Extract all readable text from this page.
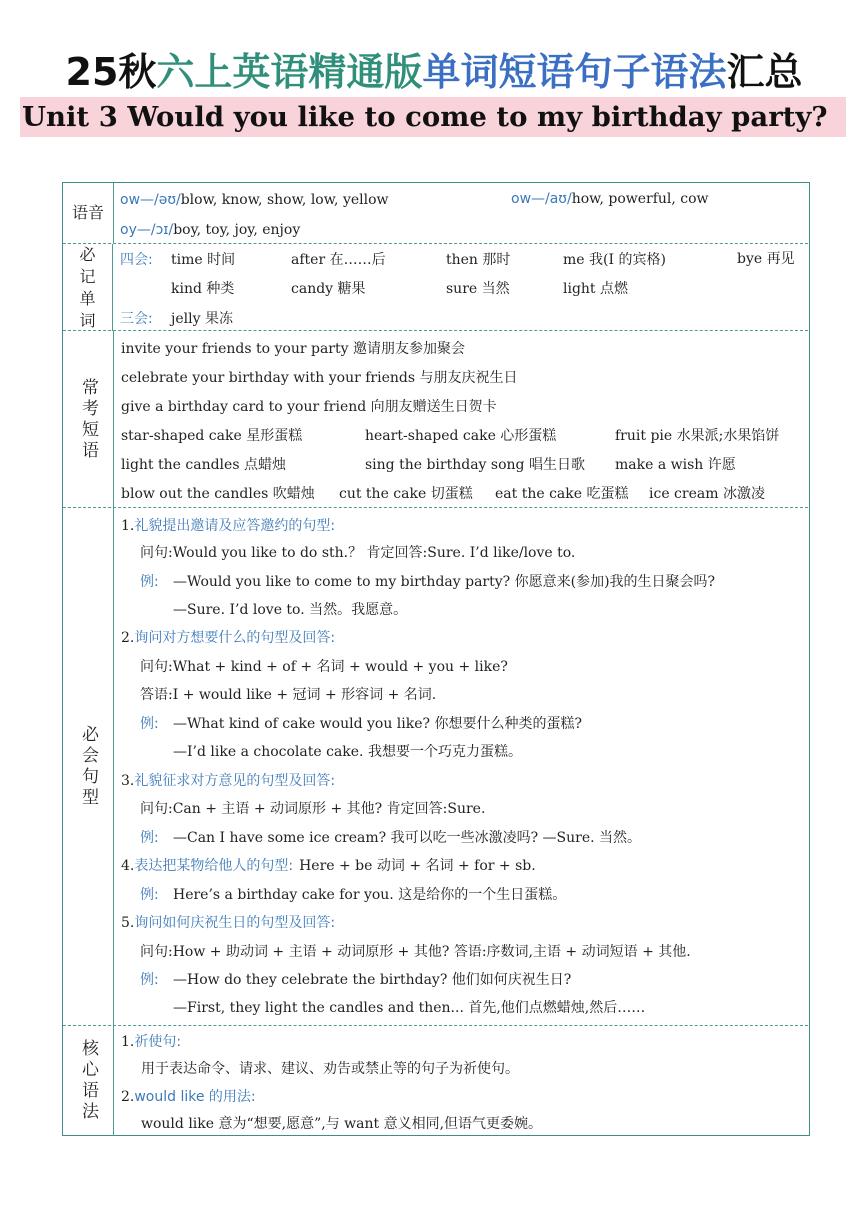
25秋六上英语精通版单词短语句子语法汇总
Unit 3 Would you like to come to my birthday party?
语音
ow—/əʊ/blow, know, show, low, yellow	ow—/aʊ/how, powerful, cow
oy—/ɔɪ/boy, toy, joy, enjoy
必记单词
四会: time 时间	after 在……后	then 那时	me 我(I 的宾格)	bye 再见
kind 种类	candy 糖果	sure 当然	light 点燃
三会: jelly 果冻
常考短语
invite your friends to your party 邀请朋友参加聚会
celebrate your birthday with your friends 与朋友庆祝生日
give a birthday card to your friend 向朋友赠送生日贺卡
star-shaped cake 星形蛋糕	heart-shaped cake 心形蛋糕	fruit pie 水果派;水果馅饼
light the candles 点蜡烛	sing the birthday song 唱生日歌 make a wish 许愿
blow out the candles 吹蜡烛 cut the cake 切蛋糕 eat the cake 吃蛋糕 ice cream 冰激凌
必会句型
1.礼貌提出邀请及应答邀约的句型:
问句:Would you like to do sth.？ 肯定回答:Sure. I’d like/love to.
例: —Would you like to come to my birthday party? 你愿意来(参加)我的生日聚会吗?
—Sure. I’d love to. 当然。我愿意。
2.询问对方想要什么的句型及回答:
问句:What + kind + of + 名词 + would + you + like?
答语:I + would like + 冠词 + 形容词 + 名词.
例: —What kind of cake would you like? 你想要什么种类的蛋糕?
—I’d like a chocolate cake. 我想要一个巧克力蛋糕。
3.礼貌征求对方意见的句型及回答:
问句:Can + 主语 + 动词原形 + 其他? 肯定回答:Sure.
例: —Can I have some ice cream? 我可以吃一些冰激凌吗? —Sure. 当然。
4.表达把某物给他人的句型: Here + be 动词 + 名词 + for + sb.
例: Here’s a birthday cake for you. 这是给你的一个生日蛋糕。
5.询问如何庆祝生日的句型及回答:
问句:How + 助动词 + 主语 + 动词原形 + 其他? 答语:序数词,主语 + 动词短语 + 其他.
例: —How do they celebrate the birthday? 他们如何庆祝生日?
—First, they light the candles and then... 首先,他们点燃蜡烛,然后……
核心语法	1.祈使句:
用于表达命令、请求、建议、劝告或禁止等的句子为祈使句。
2.would like 的用法:
would like 意为“想要,愿意”,与 want 意义相同,但语气更委婉。
